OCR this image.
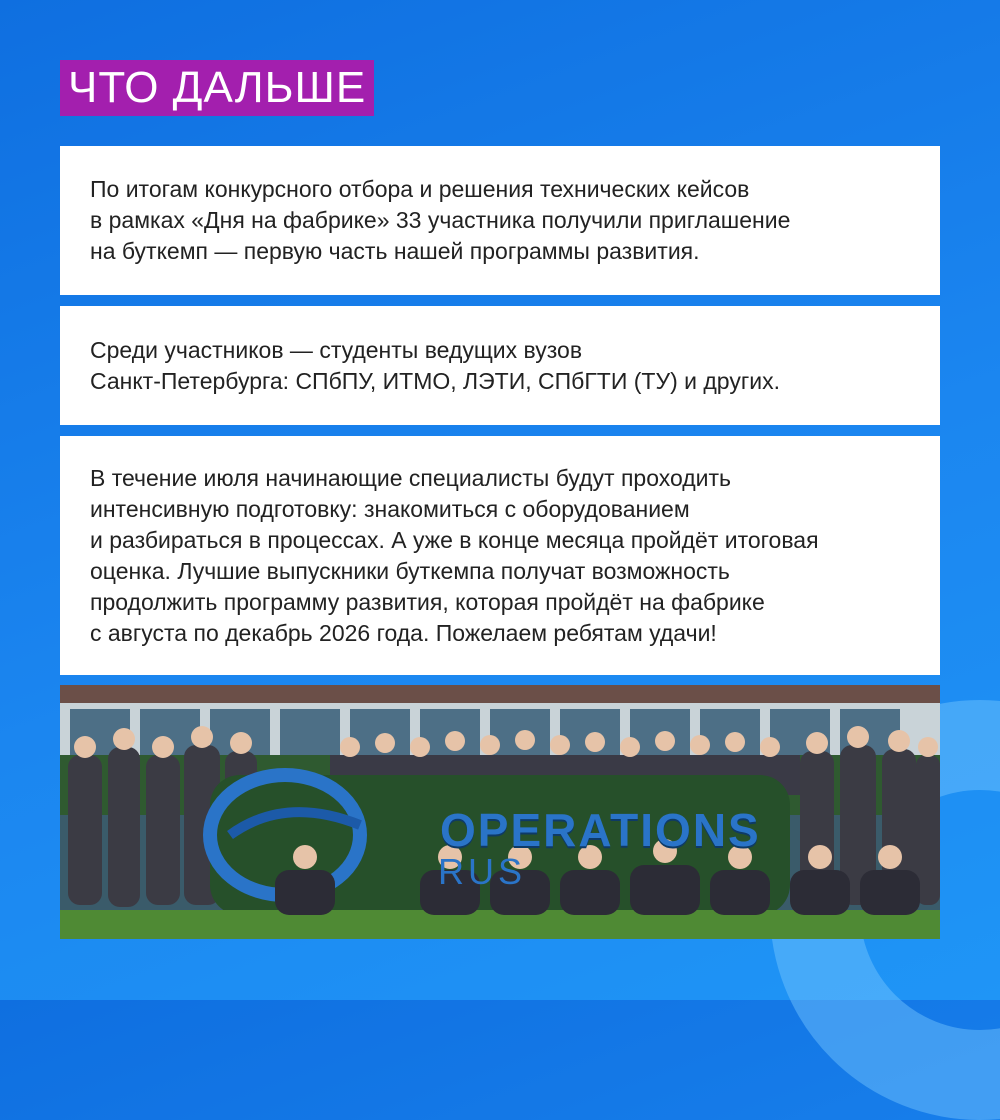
ЧТО ДАЛЬШЕ

По итогам конкурсного отбора и решения технических кейсов

в рамках «Дня на фабрике» 33 участника получили приглашение

на буткемп — первую часть нашей программы развития.

Среди участников — студенты ведущих вузов

Санкт-Петербурга: СПбПУ, ИТМО, ЛЭТИ, СПбГТИ (ТУ) и других.

В течение июля начинающие специалисты будут проходить

интенсивную подготовку: знакомиться с оборудованием

и разбираться в процессах. А уже в конце месяца пройдёт итоговая

оценка. Лучшие выпускники буткемпа получат возможность

продолжить программу развития, которая пройдёт на фабрике

с августа по декабрь 2026 года. Пожелаем ребятам удачи!

OPERATIONS
RUS
